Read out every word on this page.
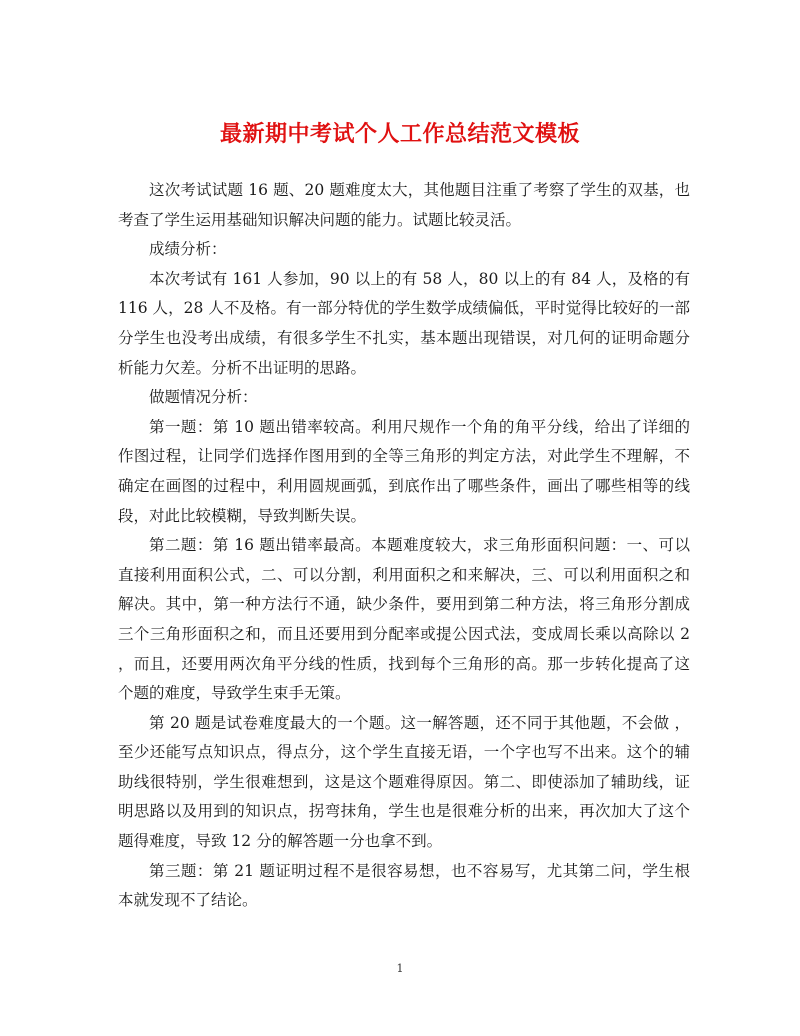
最新期中考试个人工作总结范文模板

这次考试试题 16 题、20 题难度太大，其他题目注重了考察了学生的双基，也考查了学生运用基础知识解决问题的能力。试题比较灵活。

成绩分析：

本次考试有 161 人参加，90 以上的有 58 人，80 以上的有 84 人，及格的有 116 人，28 人不及格。有一部分特优的学生数学成绩偏低，平时觉得比较好的一部分学生也没考出成绩，有很多学生不扎实，基本题出现错误，对几何的证明命题分析能力欠差。分析不出证明的思路。

做题情况分析：

第一题：第 10 题出错率较高。利用尺规作一个角的角平分线，给出了详细的作图过程，让同学们选择作图用到的全等三角形的判定方法，对此学生不理解，不确定在画图的过程中，利用圆规画弧，到底作出了哪些条件，画出了哪些相等的线段，对此比较模糊，导致判断失误。

第二题：第 16 题出错率最高。本题难度较大，求三角形面积问题：一、可以直接利用面积公式，二、可以分割，利用面积之和来解决，三、可以利用面积之和解决。其中，第一种方法行不通，缺少条件，要用到第二种方法，将三角形分割成三个三角形面积之和，而且还要用到分配率或提公因式法，变成周长乘以高除以 2 ，而且，还要用两次角平分线的性质，找到每个三角形的高。那一步转化提高了这个题的难度，导致学生束手无策。

第 20 题是试卷难度最大的一个题。这一解答题，还不同于其他题，不会做 ，至少还能写点知识点，得点分，这个学生直接无语，一个字也写不出来。这个的辅助线很特别，学生很难想到，这是这个题难得原因。第二、即使添加了辅助线，证明思路以及用到的知识点，拐弯抹角，学生也是很难分析的出来，再次加大了这个题得难度，导致 12 分的解答题一分也拿不到。

第三题：第 21 题证明过程不是很容易想，也不容易写，尤其第二问，学生根本就发现不了结论。

1
